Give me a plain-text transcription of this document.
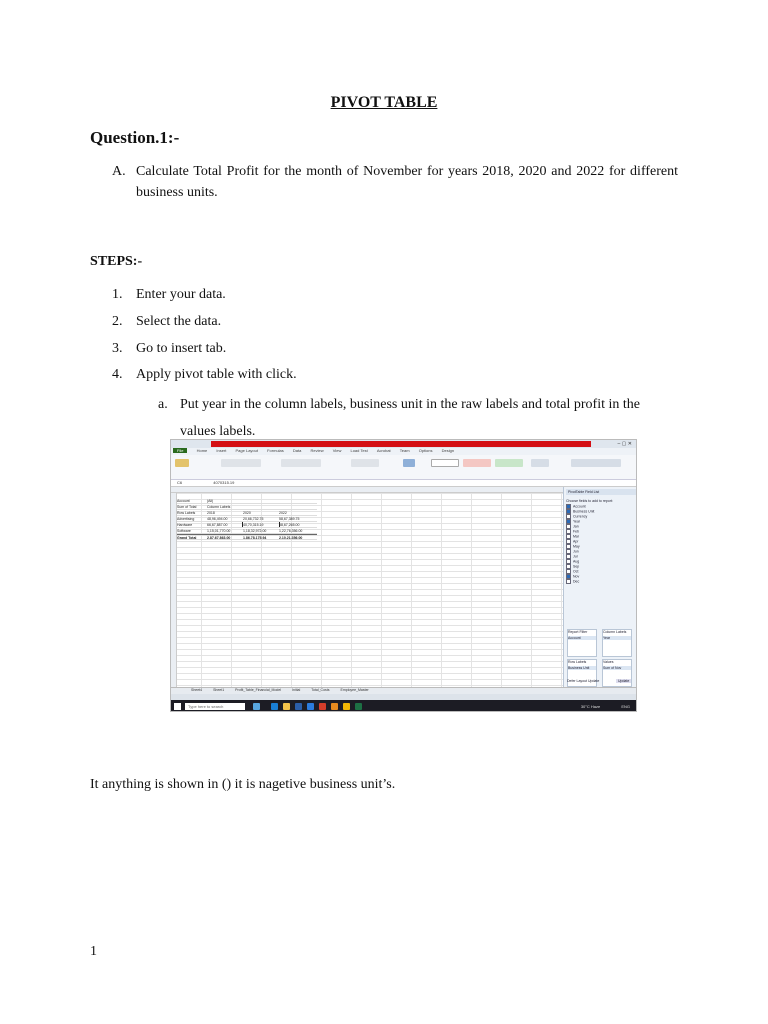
PIVOT TABLE
Question.1:-
A. Calculate Total Profit for the month of November for years 2018, 2020 and 2022 for different business units.
STEPS:-
1. Enter your data.
2. Select the data.
3. Go to insert tab.
4. Apply pivot table with click.
a. Put year in the column labels, business unit in the raw labels and total profit in the values labels.
– ▢ ✕
File	Home Insert Page Layout Formulas Data Review View Load Test Acrobat Team Options Design
C6	4070315.19
Account	(All)
Sum of Total	Column Labels
Row Labels	2018	2020	2022
Advertising	48,96,494.00	20,66,732.75	58,67,389.75
Hardware	66,67,887.00	40,70,315.19	58,67,265.00
Software	1,15,01,770.00	1,18,32,972.00	1,22,76,356.00
Grand Total	2,87,67,863.00	1,86,78,175.94	2,10,21,356.00
PivotTable Field List
Choose fields to add to report:
Account
Business Unit
Currency
Year
Jan
Feb
Mar
Apr
May
Jun
Jul
Aug
Sep
Oct
Nov
Dec
Report Filter
Account
Column Labels
Year
Row Labels
Business Unit
Values
Sum of Nov
Defer Layout Update	Update
Sheet4	Sheet1	Profit_Table_Financial_Model	Initial	Total_Costs	Employee_Master
Type here to search	30°C Haze	ENG
It anything is shown in () it is nagetive business unit’s.
1
